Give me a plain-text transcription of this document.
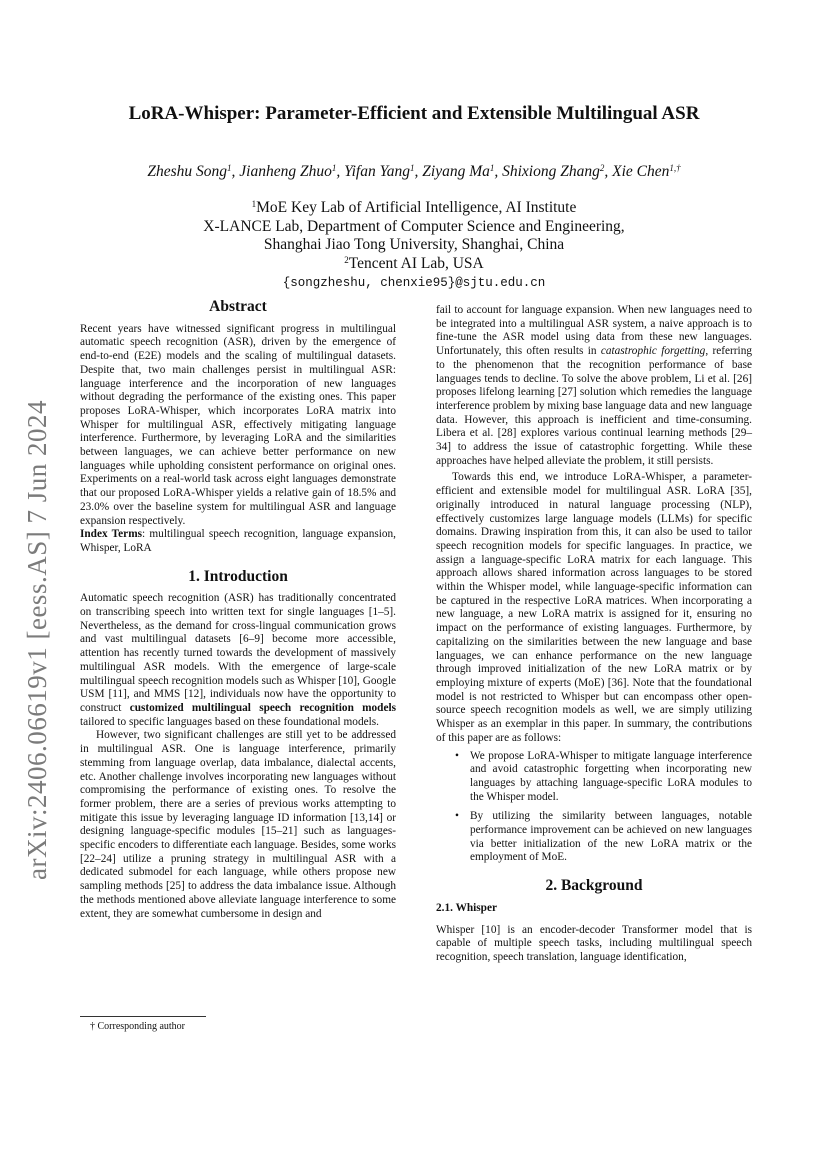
arXiv:2406.06619v1 [eess.AS] 7 Jun 2024
LoRA-Whisper: Parameter-Efficient and Extensible Multilingual ASR
Zheshu Song$^1$, Jianheng Zhuo$^1$, Yifan Yang$^1$, Ziyang Ma$^1$, Shixiong Zhang$^2$, Xie Chen$^{1,\dagger}$
$^1$MoE Key Lab of Artificial Intelligence, AI Institute
X-LANCE Lab, Department of Computer Science and Engineering,
Shanghai Jiao Tong University, Shanghai, China
$^2$Tencent AI Lab, USA
{songzheshu, chenxie95}@sjtu.edu.cn

Abstract

Recent years have witnessed significant progress in multilingual automatic speech recognition (ASR), driven by the emergence of end-to-end (E2E) models and the scaling of multilingual datasets. Despite that, two main challenges persist in multilingual ASR: language interference and the incorporation of new languages without degrading the performance of the existing ones. This paper proposes LoRA-Whisper, which incorporates LoRA matrix into Whisper for multilingual ASR, effectively mitigating language interference. Furthermore, by leveraging LoRA and the similarities between languages, we can achieve better performance on new languages while upholding consistent performance on original ones. Experiments on a real-world task across eight languages demonstrate that our proposed LoRA-Whisper yields a relative gain of 18.5% and 23.0% over the baseline system for multilingual ASR and language expansion respectively.

Index Terms: multilingual speech recognition, language expansion, Whisper, LoRA

1. Introduction

Automatic speech recognition (ASR) has traditionally concentrated on transcribing speech into written text for single languages [1–5]. Nevertheless, as the demand for cross-lingual communication grows and vast multilingual datasets [6–9] become more accessible, attention has recently turned towards the development of massively multilingual ASR models. With the emergence of large-scale multilingual speech recognition models such as Whisper [10], Google USM [11], and MMS [12], individuals now have the opportunity to construct customized multilingual speech recognition models tailored to specific languages based on these foundational models.

However, two significant challenges are still yet to be addressed in multilingual ASR. One is language interference, primarily stemming from language overlap, data imbalance, dialectal accents, etc. Another challenge involves incorporating new languages without compromising the performance of existing ones. To resolve the former problem, there are a series of previous works attempting to mitigate this issue by leveraging language ID information [13,14] or designing language-specific modules [15–21] such as languages-specific encoders to differentiate each language. Besides, some works [22–24] utilize a pruning strategy in multilingual ASR with a dedicated submodel for each language, while others propose new sampling methods [25] to address the data imbalance issue. Although the methods mentioned above alleviate language interference to some extent, they are somewhat cumbersome in design and

fail to account for language expansion. When new languages need to be integrated into a multilingual ASR system, a naive approach is to fine-tune the ASR model using data from these new languages. Unfortunately, this often results in catastrophic forgetting, referring to the phenomenon that the recognition performance of base languages tends to decline. To solve the above problem, Li et al. [26] proposes lifelong learning [27] solution which remedies the language interference problem by mixing base language data and new language data. However, this approach is inefficient and time-consuming. Libera et al. [28] explores various continual learning methods [29–34] to address the issue of catastrophic forgetting. While these approaches have helped alleviate the problem, it still persists.

Towards this end, we introduce LoRA-Whisper, a parameter-efficient and extensible model for multilingual ASR. LoRA [35], originally introduced in natural language processing (NLP), effectively customizes large language models (LLMs) for specific domains. Drawing inspiration from this, it can also be used to tailor speech recognition models for specific languages. In practice, we assign a language-specific LoRA matrix for each language. This approach allows shared information across languages to be stored within the Whisper model, while language-specific information can be captured in the respective LoRA matrices. When incorporating a new language, a new LoRA matrix is assigned for it, ensuring no impact on the performance of existing languages. Furthermore, by capitalizing on the similarities between the new language and base languages, we can enhance performance on the new language through improved initialization of the new LoRA matrix or by employing mixture of experts (MoE) [36]. Note that the foundational model is not restricted to Whisper but can encompass other open-source speech recognition models as well, we are simply utilizing Whisper as an exemplar in this paper. In summary, the contributions of this paper are as follows:

• We propose LoRA-Whisper to mitigate language interference and avoid catastrophic forgetting when incorporating new languages by attaching language-specific LoRA modules to the Whisper model.
• By utilizing the similarity between languages, notable performance improvement can be achieved on new languages via better initialization of the new LoRA matrix or the employment of MoE.

2. Background

2.1. Whisper

Whisper [10] is an encoder-decoder Transformer model that is capable of multiple speech tasks, including multilingual speech recognition, speech translation, language identification,

† Corresponding author
